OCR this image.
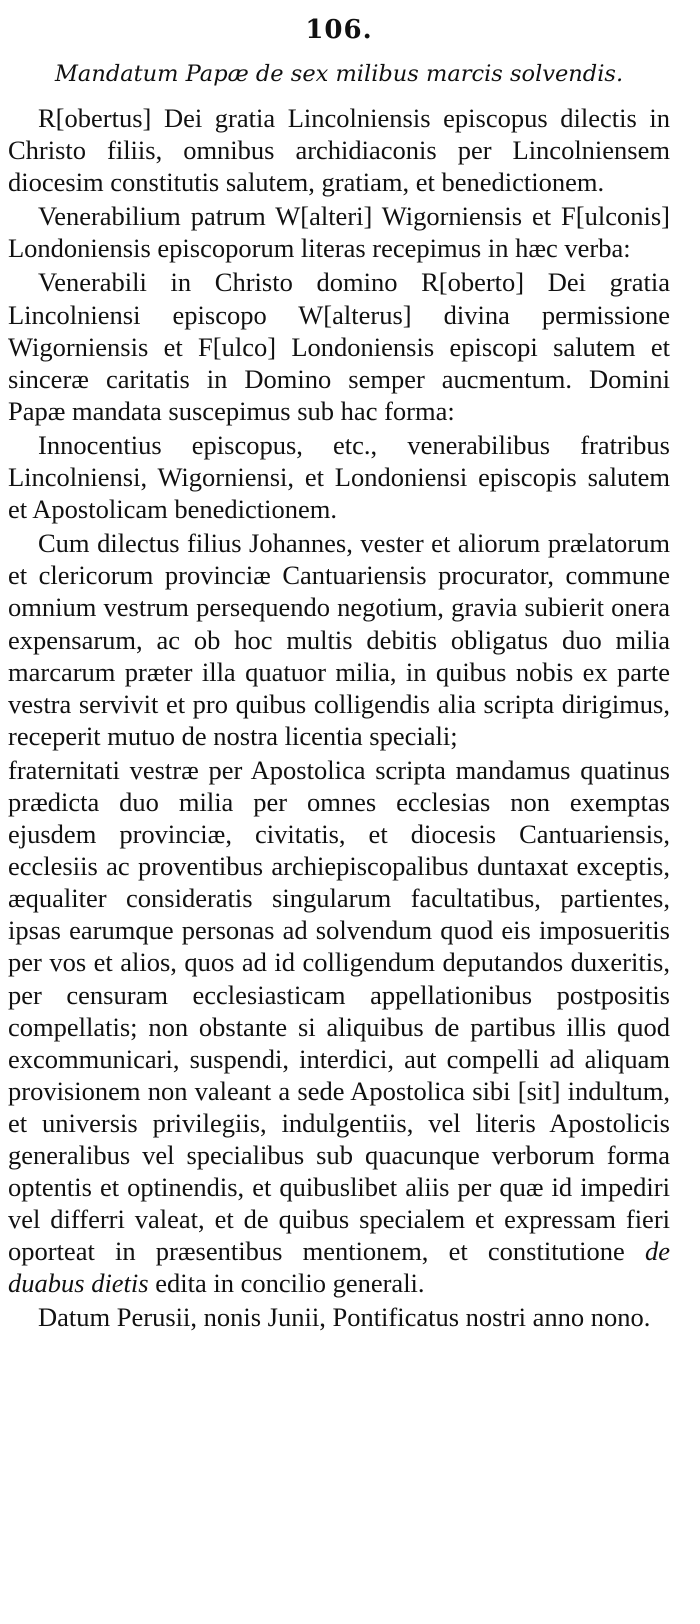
106.
Mandatum Papæ de sex milibus marcis solvendis.

R[obertus] Dei gratia Lincolniensis episcopus dilectis in Christo filiis, omnibus archidiaconis per Lincolniensem diocesim constitutis salutem, gratiam, et benedictionem.

Venerabilium patrum W[alteri] Wigorniensis et F[ulconis] Londoniensis episcoporum literas recepimus in hæc verba:

Venerabili in Christo domino R[oberto] Dei gratia Lincolniensi episcopo W[alterus] divina permissione Wigorniensis et F[ulco] Londoniensis episcopi salutem et sinceræ caritatis in Domino semper aucmentum. Domini Papæ mandata suscepimus sub hac forma:

Innocentius episcopus, etc., venerabilibus fratribus Lincolniensi, Wigorniensi, et Londoniensi episcopis salutem et Apostolicam benedictionem.

Cum dilectus filius Johannes, vester et aliorum prælatorum et clericorum provinciæ Cantuariensis procurator, commune omnium vestrum persequendo negotium, gravia subierit onera expensarum, ac ob hoc multis debitis obligatus duo milia marcarum præter illa quatuor milia, in quibus nobis ex parte vestra servivit et pro quibus colligendis alia scripta dirigimus, receperit mutuo de nostra licentia speciali;

fraternitati vestræ per Apostolica scripta mandamus quatinus prædicta duo milia per omnes ecclesias non exemptas ejusdem provinciæ, civitatis, et diocesis Cantuariensis, ecclesiis ac proventibus archiepiscopalibus duntaxat exceptis, æqualiter consideratis singularum facultatibus, partientes, ipsas earumque personas ad solvendum quod eis imposueritis per vos et alios, quos ad id colligendum deputandos duxeritis, per censuram ecclesiasticam appellationibus postpositis compellatis; non obstante si aliquibus de partibus illis quod excommunicari, suspendi, interdici, aut compelli ad aliquam provisionem non valeant a sede Apostolica sibi [sit] indultum, et universis privilegiis, indulgentiis, vel literis Apostolicis generalibus vel specialibus sub quacunque verborum forma optentis et optinendis, et quibuslibet aliis per quæ id impediri vel differri valeat, et de quibus specialem et expressam fieri oporteat in præsentibus mentionem, et constitutione de duabus dietis edita in concilio generali.

Datum Perusii, nonis Junii, Pontificatus nostri anno nono.
